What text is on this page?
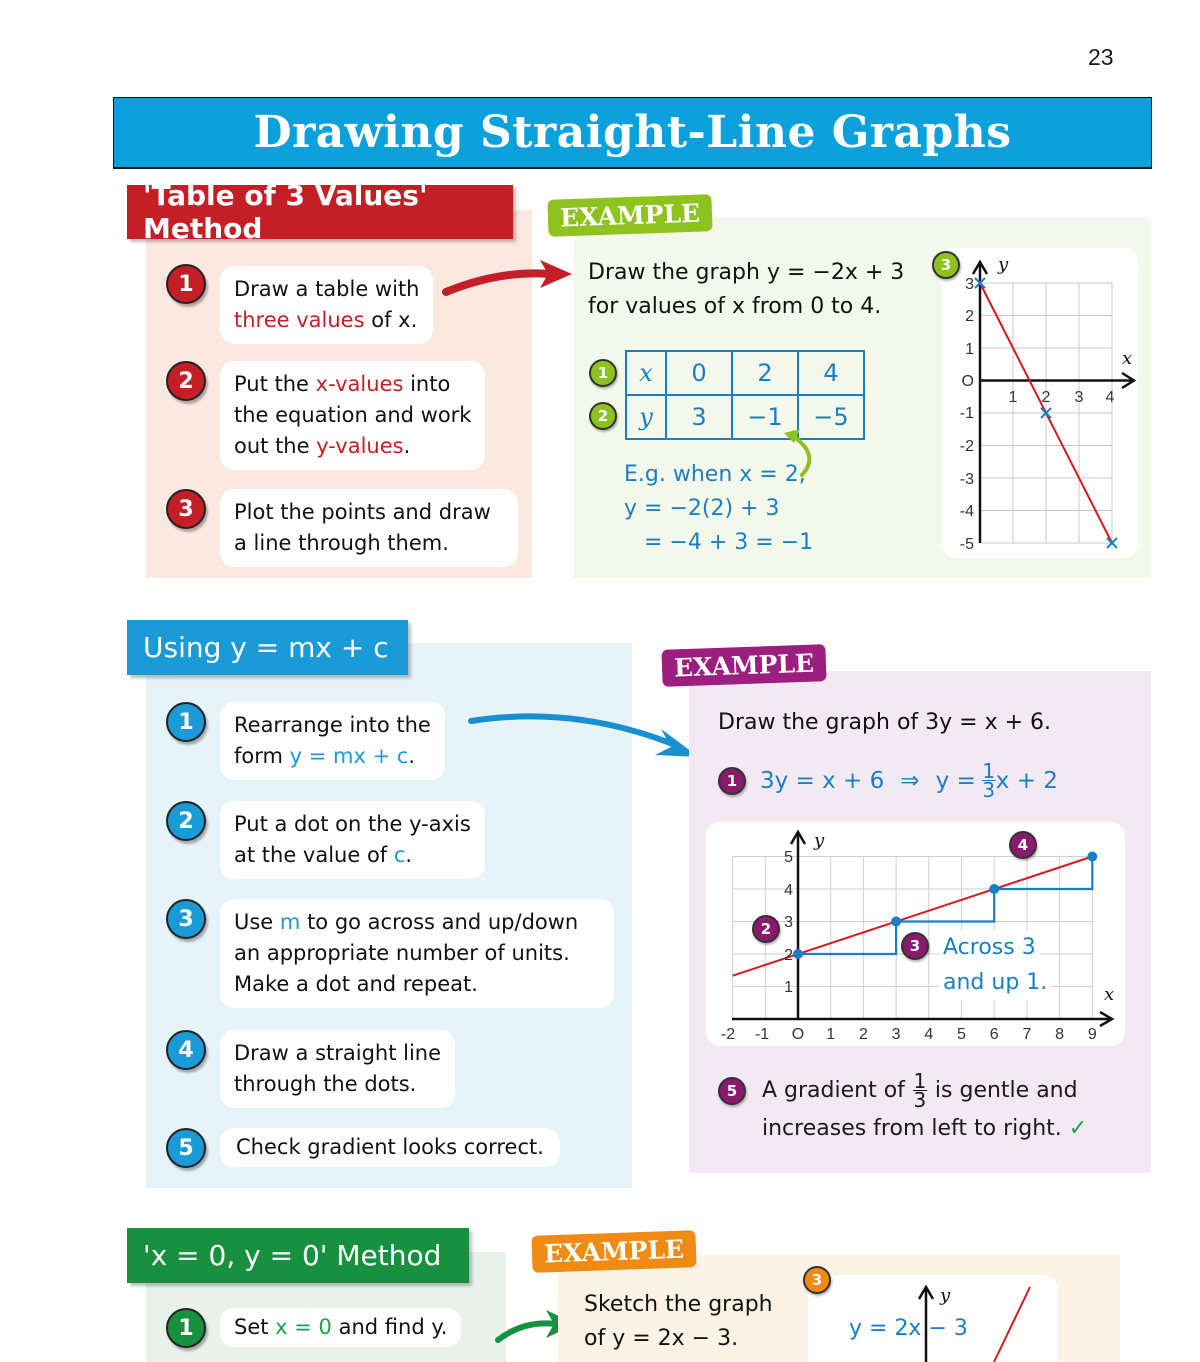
23
Drawing Straight-Line Graphs
'Table of 3 Values' Method
1	Draw a table with
three values of x.
2	Put the x-values into
the equation and work
out the y-values.
3	Plot the points and draw
a line through them.
EXAMPLE
Draw the graph y = −2x + 3
for values of x from 0 to 4.
1
2
x	0	2	4
y	3	−1	−5
E.g. when x = 2,
y = −2(2) + 3
= −4 + 3 = −1
3
3
2
1
O
-1
-2
-3
-4
-5
1 2 3 4
y
x
Using y = mx + c
1	Rearrange into the
form y = mx + c.
2	Put a dot on the y-axis
at the value of c.
3	Use m to go across and up/down
an appropriate number of units.
Make a dot and repeat.
4	Draw a straight line
through the dots.
5	Check gradient looks correct.
EXAMPLE
Draw the graph of 3y = x + 6.
1 3y = x + 6 ⇒ $y = \frac{1}{3}$ x + 2
1
2
3
4
5
-2 -1 O 1 2 3 4 5 6 7 8 9
y
x
2
3
4
Across 3
and up 1.
5	A gradient of $\frac{1}{3}$ is gentle and
increases from left to right. ✓
'x = 0, y = 0' Method
1	Set x = 0 and find y.
EXAMPLE
Sketch the graph
of y = 2x − 3.
3
y
y = 2x − 3
